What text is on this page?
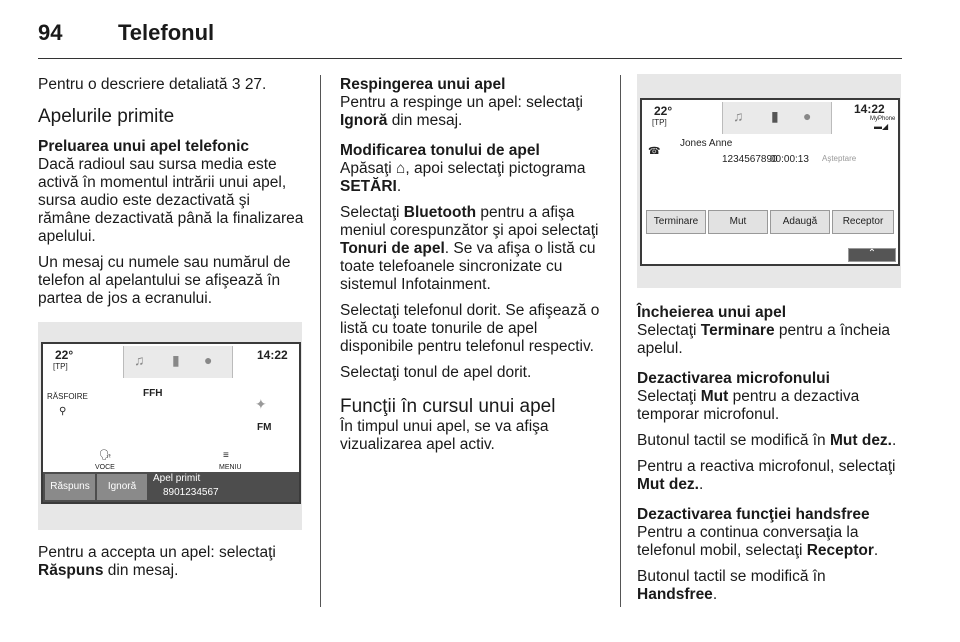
94	Telefonul

Pentru o descriere detaliată 3 27.

Apelurile primite
Preluarea unui apel telefonic

Dacă radioul sau sursa media este activă în momentul intrării unui apel, sursa audio este dezactivată şi rămâne dezactivată până la finalizarea apelului.

Un mesaj cu numele sau numărul de telefon al apelantului se afişează în partea de jos a ecranului.

22°
[TP]	♫ ▮ ●	14:22
RĂSFOIRE
⚲
FFH
✦
FM
🗣
VOCE
≡
MENIU
Răspuns	Ignoră
Apel primit
8901234567

Pentru a accepta un apel: selectaţi
Răspuns din mesaj.

Respingerea unui apel

Pentru a respinge un apel: selectaţi
Ignoră din mesaj.

Modificarea tonului de apel

Apăsaţi ⌂, apoi selectaţi pictograma
SETĂRI.

Selectaţi Bluetooth pentru a afişa meniul corespunzător şi apoi selectaţi Tonuri de apel. Se va afişa o listă cu toate telefoanele sincronizate cu sistemul Infotainment.

Selectaţi telefonul dorit. Se afişează o listă cu toate tonurile de apel disponibile pentru telefonul respectiv.

Selectaţi tonul de apel dorit.

Funcţii în cursul unui apel

În timpul unui apel, se va afişa vizualizarea apel activ.

22°
[TP]	♫ ▮ ●	14:22
MyPhone
▬◢
Jones Anne
☎
1234567890
00:00:13 Aşteptare
Terminare	Mut	Adaugă	Receptor
⌃
Încheierea unui apel

Selectaţi Terminare pentru a încheia apelul.

Dezactivarea microfonului

Selectaţi Mut pentru a dezactiva temporar microfonul.

Butonul tactil se modifică în Mut dez..

Pentru a reactiva microfonul, selectaţi
Mut dez..

Dezactivarea funcţiei handsfree

Pentru a continua conversaţia la telefonul mobil, selectaţi Receptor.

Butonul tactil se modifică în
Handsfree.
